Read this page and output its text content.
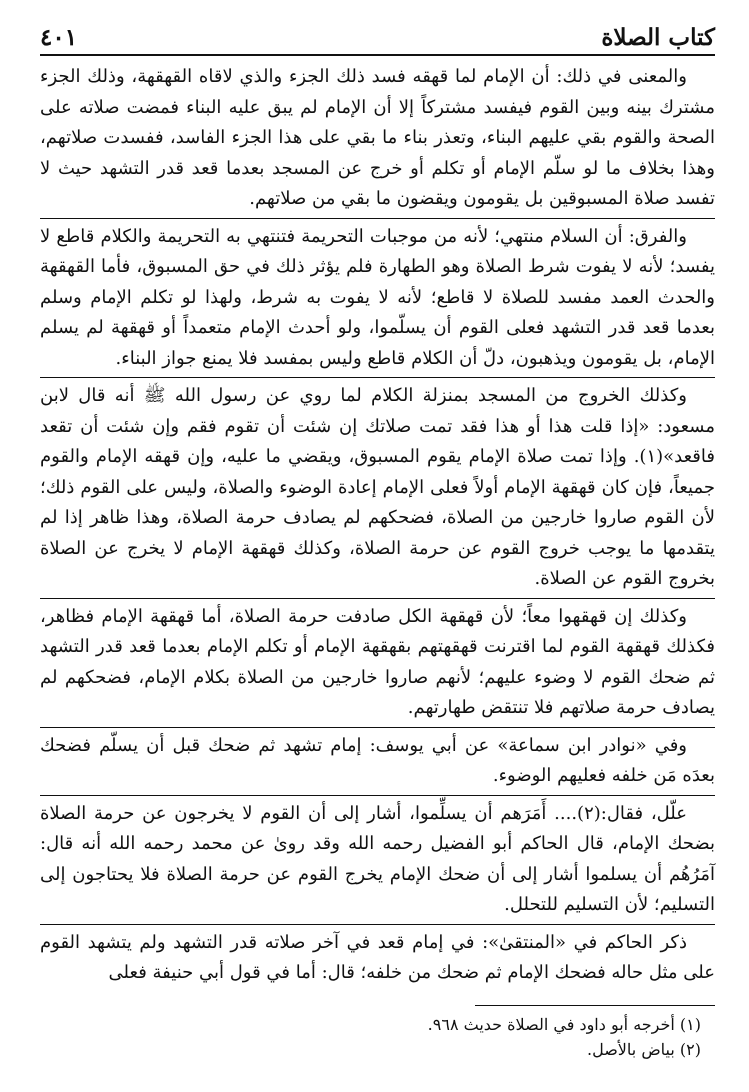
كتاب الصلاة
٤٠١

والمعنى في ذلك: أن الإمام لما قهقه فسد ذلك الجزء والذي لاقاه القهقهة، وذلك الجزء مشترك بينه وبين القوم فيفسد مشتركاً إلا أن الإمام لم يبق عليه البناء فمضت صلاته على الصحة والقوم بقي عليهم البناء، وتعذر بناء ما بقي على هذا الجزء الفاسد، ففسدت صلاتهم، وهذا بخلاف ما لو سلّم الإمام أو تكلم أو خرج عن المسجد بعدما قعد قدر التشهد حيث لا تفسد صلاة المسبوقين بل يقومون ويقضون ما بقي من صلاتهم.

والفرق: أن السلام منتهي؛ لأنه من موجبات التحريمة فتنتهي به التحريمة والكلام قاطع لا يفسد؛ لأنه لا يفوت شرط الصلاة وهو الطهارة فلم يؤثر ذلك في حق المسبوق، فأما القهقهة والحدث العمد مفسد للصلاة لا قاطع؛ لأنه لا يفوت به شرط، ولهذا لو تكلم الإمام وسلم بعدما قعد قدر التشهد فعلى القوم أن يسلّموا، ولو أحدث الإمام متعمداً أو قهقهة لم يسلم الإمام، بل يقومون ويذهبون، دلّ أن الكلام قاطع وليس بمفسد فلا يمنع جواز البناء.

وكذلك الخروج من المسجد بمنزلة الكلام لما روي عن رسول الله ﷺ أنه قال لابن مسعود: «إذا قلت هذا أو هذا فقد تمت صلاتك إن شئت أن تقوم فقم وإن شئت أن تقعد فاقعد»(١). وإذا تمت صلاة الإمام يقوم المسبوق، ويقضي ما عليه، وإن قهقه الإمام والقوم جميعاً، فإن كان قهقهة الإمام أولاً فعلى الإمام إعادة الوضوء والصلاة، وليس على القوم ذلك؛ لأن القوم صاروا خارجين من الصلاة، فضحكهم لم يصادف حرمة الصلاة، وهذا ظاهر إذا لم يتقدمها ما يوجب خروج القوم عن حرمة الصلاة، وكذلك قهقهة الإمام لا يخرج عن الصلاة بخروج القوم عن الصلاة.

وكذلك إن قهقهوا معاً؛ لأن قهقهة الكل صادفت حرمة الصلاة، أما قهقهة الإمام فظاهر، فكذلك قهقهة القوم لما اقترنت قهقهتهم بقهقهة الإمام أو تكلم الإمام بعدما قعد قدر التشهد ثم ضحك القوم لا وضوء عليهم؛ لأنهم صاروا خارجين من الصلاة بكلام الإمام، فضحكهم لم يصادف حرمة صلاتهم فلا تنتقض طهارتهم.

وفي «نوادر ابن سماعة» عن أبي يوسف: إمام تشهد ثم ضحك قبل أن يسلّم فضحك بعدَه مَن خلفه فعليهم الوضوء.

علّل، فقال:(٢).... أَمَرَهم أن يسلِّموا، أشار إلى أن القوم لا يخرجون عن حرمة الصلاة بضحك الإمام، قال الحاكم أبو الفضيل رحمه الله وقد روىٰ عن محمد رحمه الله أنه قال: آمَرُهُم أن يسلموا أشار إلى أن ضحك الإمام يخرج القوم عن حرمة الصلاة فلا يحتاجون إلى التسليم؛ لأن التسليم للتحلل.

ذكر الحاكم في «المنتقىٰ»: في إمام قعد في آخر صلاته قدر التشهد ولم يتشهد القوم على مثل حاله فضحك الإمام ثم ضحك من خلفه؛ قال: أما في قول أبي حنيفة فعلى

(١) أخرجه أبو داود في الصلاة حديث ٩٦٨.

(٢) بياض بالأصل.
